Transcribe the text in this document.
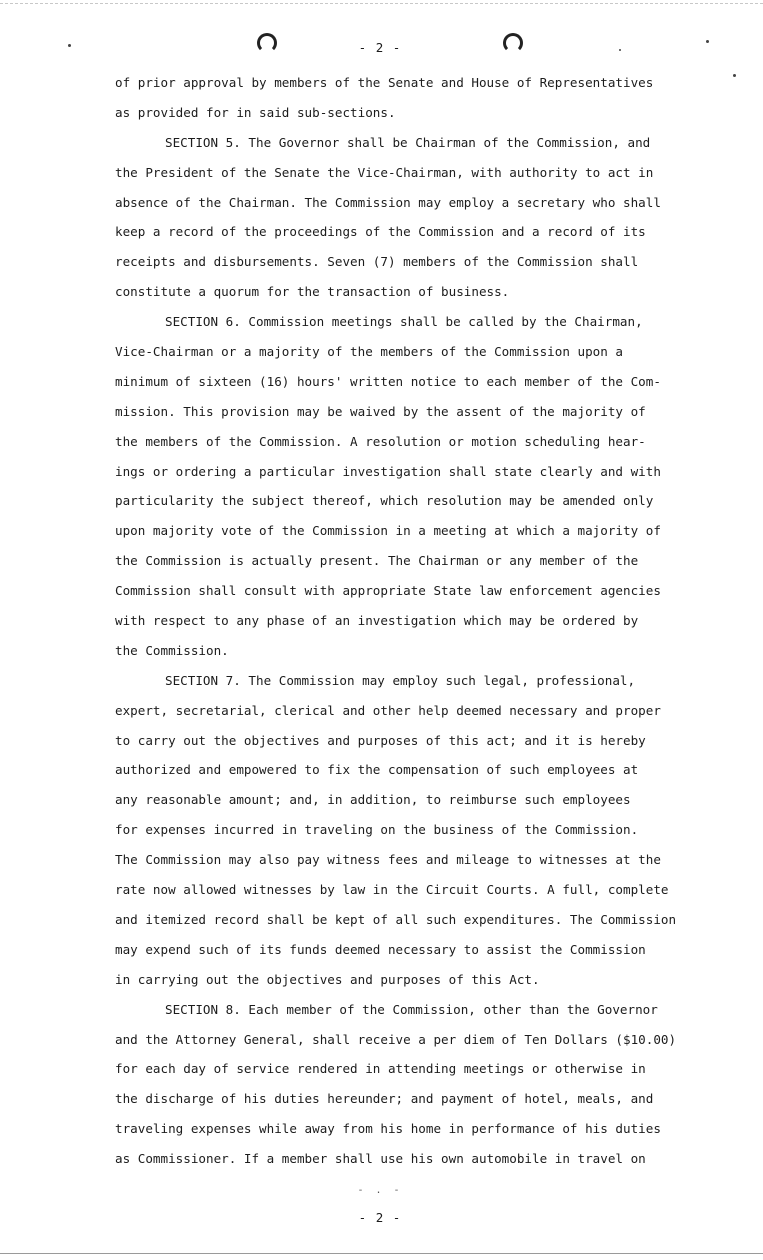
- 2 -
of prior approval by members of the Senate and House of Representatives
as provided for in said sub-sections.
SECTION 5. The Governor shall be Chairman of the Commission, and
the President of the Senate the Vice-Chairman, with authority to act in
absence of the Chairman. The Commission may employ a secretary who shall
keep a record of the proceedings of the Commission and a record of its
receipts and disbursements. Seven (7) members of the Commission shall
constitute a quorum for the transaction of business.
SECTION 6. Commission meetings shall be called by the Chairman,
Vice-Chairman or a majority of the members of the Commission upon a
minimum of sixteen (16) hours' written notice to each member of the Com-
mission. This provision may be waived by the assent of the majority of
the members of the Commission. A resolution or motion scheduling hear-
ings or ordering a particular investigation shall state clearly and with
particularity the subject thereof, which resolution may be amended only
upon majority vote of the Commission in a meeting at which a majority of
the Commission is actually present. The Chairman or any member of the
Commission shall consult with appropriate State law enforcement agencies
with respect to any phase of an investigation which may be ordered by
the Commission.
SECTION 7. The Commission may employ such legal, professional,
expert, secretarial, clerical and other help deemed necessary and proper
to carry out the objectives and purposes of this act; and it is hereby
authorized and empowered to fix the compensation of such employees at
any reasonable amount; and, in addition, to reimburse such employees
for expenses incurred in traveling on the business of the Commission.
The Commission may also pay witness fees and mileage to witnesses at the
rate now allowed witnesses by law in the Circuit Courts. A full, complete
and itemized record shall be kept of all such expenditures. The Commission
may expend such of its funds deemed necessary to assist the Commission
in carrying out the objectives and purposes of this Act.
SECTION 8. Each member of the Commission, other than the Governor
and the Attorney General, shall receive a per diem of Ten Dollars ($10.00)
for each day of service rendered in attending meetings or otherwise in
the discharge of his duties hereunder; and payment of hotel, meals, and
traveling expenses while away from his home in performance of his duties
as Commissioner. If a member shall use his own automobile in travel on
- . -
- 2 -
